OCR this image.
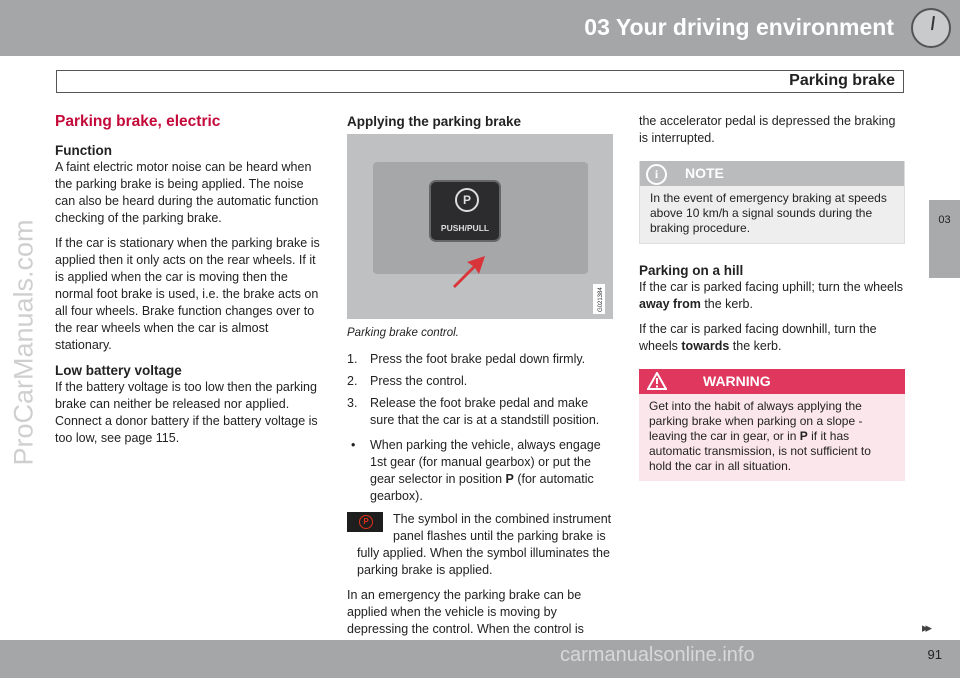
03 Your driving environment
Parking brake
03
ProCarManuals.com
Parking brake, electric
Function

A faint electric motor noise can be heard when the parking brake is being applied. The noise can also be heard during the automatic function checking of the parking brake.

If the car is stationary when the parking brake is applied then it only acts on the rear wheels. If it is applied when the car is moving then the normal foot brake is used, i.e. the brake acts on all four wheels. Brake function changes over to the rear wheels when the car is almost stationary.

Low battery voltage

If the battery voltage is too low then the parking brake can neither be released nor applied. Connect a donor battery if the battery voltage is too low, see page 115.

Applying the parking brake
P
PUSH/PULL
G021384
Parking brake control.
1. Press the foot brake pedal down firmly.
2. Press the control.
3. Release the foot brake pedal and make sure that the car is at a standstill position.
• When parking the vehicle, always engage 1st gear (for manual gearbox) or put the gear selector in position P (for automatic gearbox).
P	The symbol in the combined instrument panel flashes until the parking brake is fully applied. When the symbol illuminates the parking brake is applied.

In an emergency the parking brake can be applied when the vehicle is moving by depressing the control. When the control is

the accelerator pedal is depressed the braking is interrupted.

i	NOTE
In the event of emergency braking at speeds above 10 km/h a signal sounds during the braking procedure.
Parking on a hill

If the car is parked facing uphill; turn the wheels away from the kerb.

If the car is parked facing downhill, turn the wheels towards the kerb.

WARNING
Get into the habit of always applying the parking brake when parking on a slope - leaving the car in gear, or in P if it has automatic transmission, is not sufficient to hold the car in all situation.
▸▸
carmanualsonline.info	91
